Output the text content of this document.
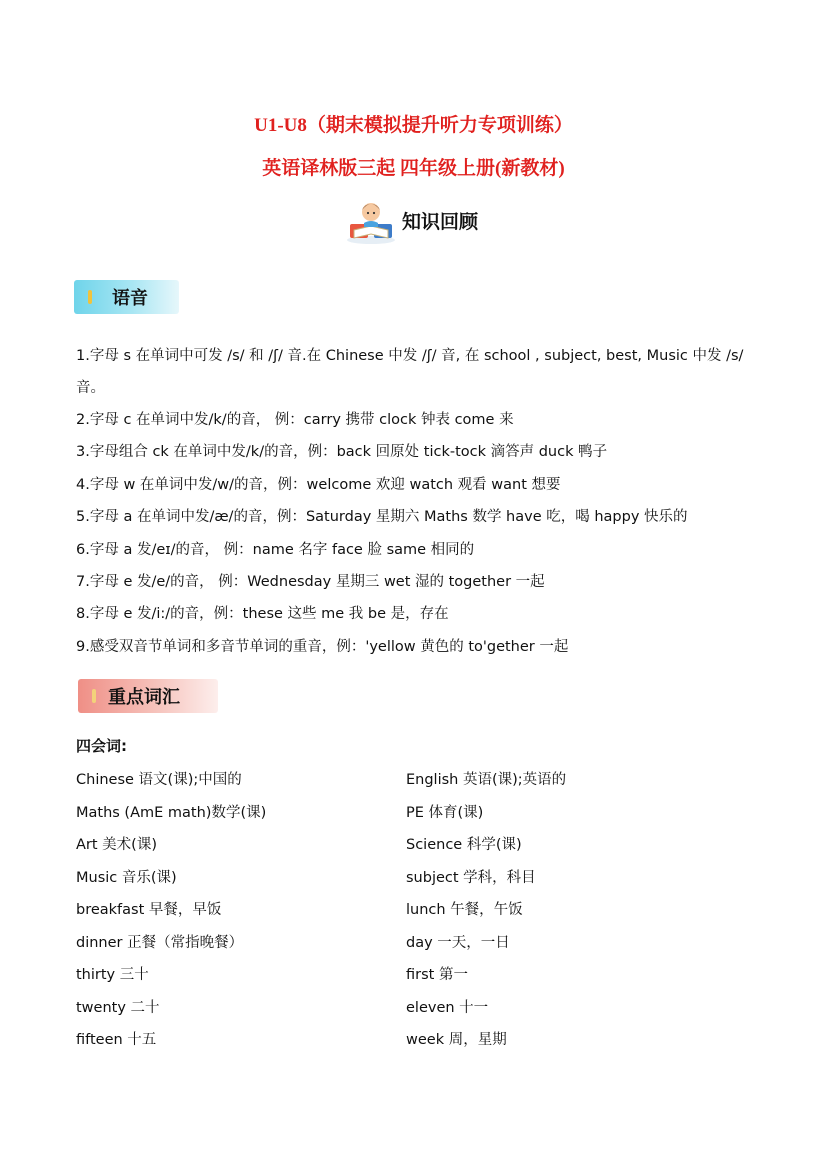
U1-U8（期末模拟提升听力专项训练）
英语译林版三起 四年级上册(新教材)
知识回顾
语音
1.字母 s 在单词中可发 /s/ 和 /ʃ/ 音.在 Chinese 中发 /ʃ/ 音, 在 school , subject, best, Music 中发 /s/ 音。
2.字母 c 在单词中发/k/的音， 例：carry 携带 clock 钟表 come 来
3.字母组合 ck 在单词中发/k/的音，例：back 回原处 tick-tock 滴答声 duck 鸭子
4.字母 w 在单词中发/w/的音，例：welcome 欢迎 watch 观看 want 想要
5.字母 a 在单词中发/æ/的音，例：Saturday 星期六 Maths 数学 have 吃，喝 happy 快乐的
6.字母 a 发/eɪ/的音， 例：name 名字 face 脸 same 相同的
7.字母 e 发/e/的音， 例：Wednesday 星期三 wet 湿的 together 一起
8.字母 e 发/i:/的音，例：these 这些 me 我 be 是，存在
9.感受双音节单词和多音节单词的重音，例：'yellow 黄色的 to'gether 一起
重点词汇
四会词:
Chinese 语文(课);中国的	English 英语(课);英语的
Maths (AmE math)数学(课)	PE 体育(课)
Art 美术(课)	Science 科学(课)
Music 音乐(课)	subject 学科，科目
breakfast 早餐，早饭	lunch 午餐，午饭
dinner 正餐（常指晚餐）	day 一天，一日
thirty 三十	first 第一
twenty 二十	eleven 十一
fifteen 十五	week 周，星期
